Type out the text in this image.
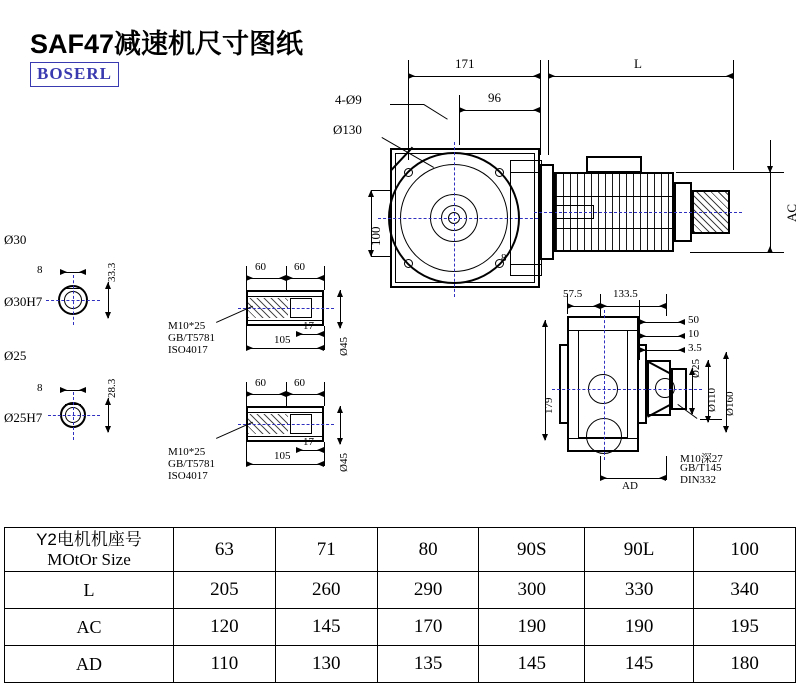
SAF47减速机尺寸图纸
BOSERL
171	L
96
4-Ø9
Ø130
AC
100
8
Ø30
Ø30H7
8	33.3
Ø25
Ø25H7
8	28.3
60	60
17
105	Ø45
M10*25
GB/T5781
ISO4017
60	60
17
105	Ø45
M10*25
GB/T5781
ISO4017
57.5	133.5
179
50
10
3.5
Ø25
Ø110 Ø160
AD
M10深27
GB/T145
DIN332
Y2电机机座号
MOtOr Size	63	71	80	90S	90L	100
L	205	260	290	300	330	340
AC	120	145	170	190	190	195
AD	110	130	135	145	145	180
